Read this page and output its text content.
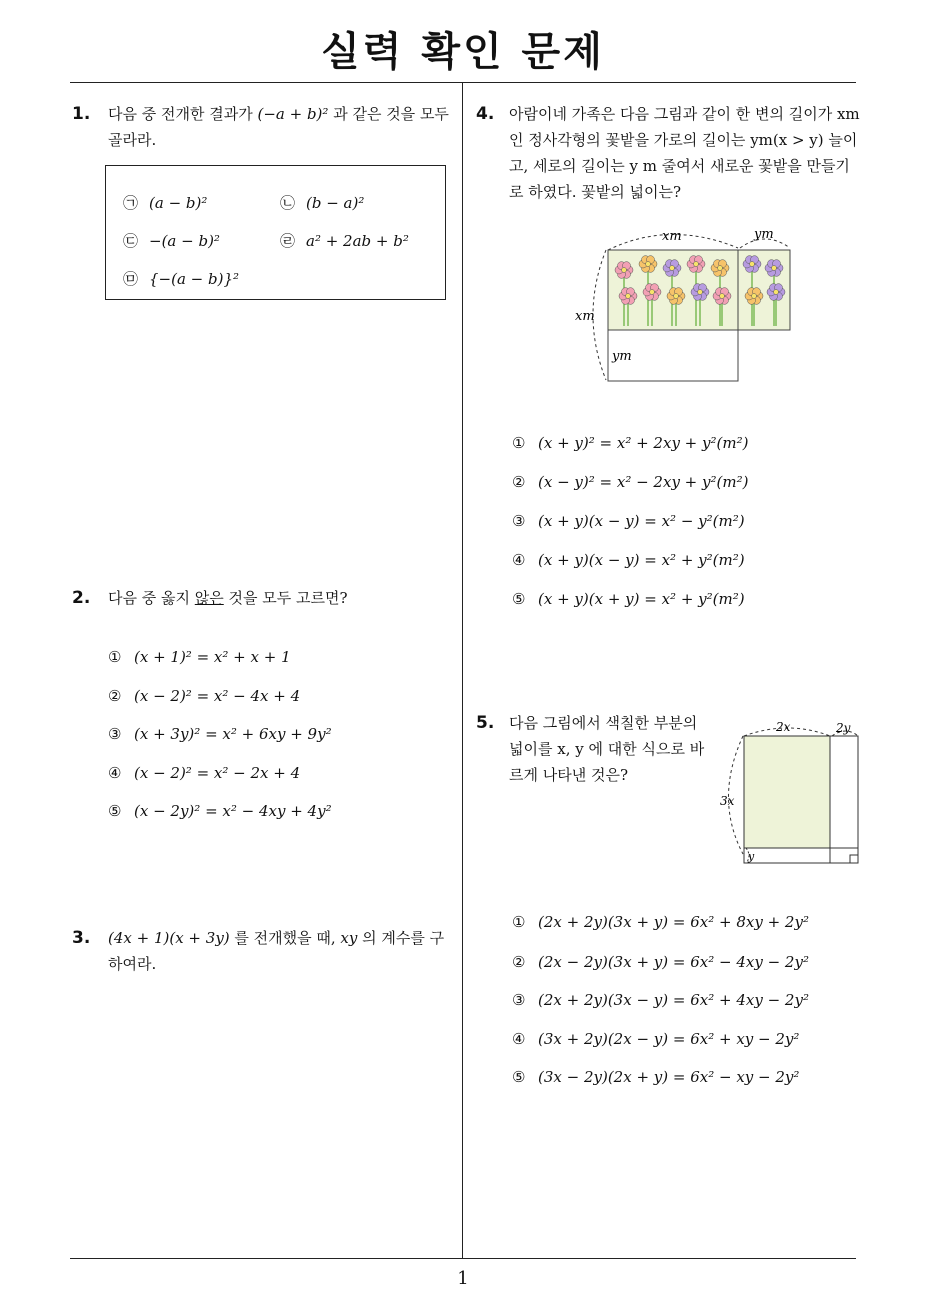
실력 확인 문제
1. 다음 중 전개한 결과가 (−a + b)² 과 같은 것을 모두 골라라.
㉠ (a − b)²	㉡ (b − a)²
㉢ −(a − b)²	㉣ a² + 2ab + b²
㉤ {−(a − b)}²
2. 다음 중 옳지 않은 것을 모두 고르면?
① (x + 1)² = x² + x + 1
② (x − 2)² = x² − 4x + 4
③ (x + 3y)² = x² + 6xy + 9y²
④ (x − 2)² = x² − 2x + 4
⑤ (x − 2y)² = x² − 4xy + 4y²
3. (4x + 1)(x + 3y) 를 전개했을 때, xy 의 계수를 구하여라.
4. 아람이네 가족은 다음 그림과 같이 한 변의 길이가 xm인 정사각형의 꽃밭을 가로의 길이는 ym(x > y) 늘이고, 세로의 길이는 y m 줄여서 새로운 꽃밭을 만들기로 하였다. 꽃밭의 넓이는?
xm	ym
xm
ym
① (x + y)² = x² + 2xy + y²(m²)
② (x − y)² = x² − 2xy + y²(m²)
③ (x + y)(x − y) = x² − y²(m²)
④ (x + y)(x − y) = x² + y²(m²)
⑤ (x + y)(x + y) = x² + y²(m²)
5. 다음 그림에서 색칠한 부분의 넓이를 x, y 에 대한 식으로 바르게 나타낸 것은?
2x	2y
3x
y
① (2x + 2y)(3x + y) = 6x² + 8xy + 2y²
② (2x − 2y)(3x + y) = 6x² − 4xy − 2y²
③ (2x + 2y)(3x − y) = 6x² + 4xy − 2y²
④ (3x + 2y)(2x − y) = 6x² + xy − 2y²
⑤ (3x − 2y)(2x + y) = 6x² − xy − 2y²
1
